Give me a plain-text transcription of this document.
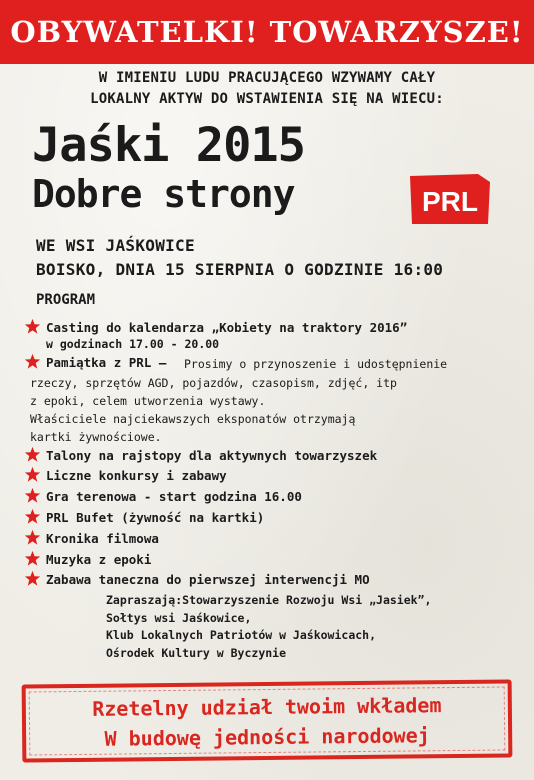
OBYWATELKI! TOWARZYSZE!
W IMIENIU LUDU PRACUJĄCEGO WZYWAMY CAŁY
LOKALNY AKTYW DO WSTAWIENIA SIĘ NA WIECU:
Jaśki 2015
Dobre strony	PRL
WE WSI JAŚKOWICE
BOISKO, DNIA 15 SIERPNIA O GODZINIE 16:00
PROGRAM
Casting do kalendarza „Kobiety na traktory 2016”
w godzinach 17.00 - 20.00
Pamiątka z PRL – Prosimy o przynoszenie i udostępnienie
rzeczy, sprzętów AGD, pojazdów, czasopism, zdjęć, itp
z epoki, celem utworzenia wystawy.
Właściciele najciekawszych eksponatów otrzymają
kartki żywnościowe.
Talony na rajstopy dla aktywnych towarzyszek
Liczne konkursy i zabawy
Gra terenowa - start godzina 16.00
PRL Bufet (żywność na kartki)
Kronika filmowa
Muzyka z epoki
Zabawa taneczna do pierwszej interwencji MO
Zapraszają:Stowarzyszenie Rozwoju Wsi „Jasiek”,
Sołtys wsi Jaśkowice,
Klub Lokalnych Patriotów w Jaśkowicach,
Ośrodek Kultury w Byczynie
Rzetelny udział twoim wkładem
W budowę jedności narodowej
